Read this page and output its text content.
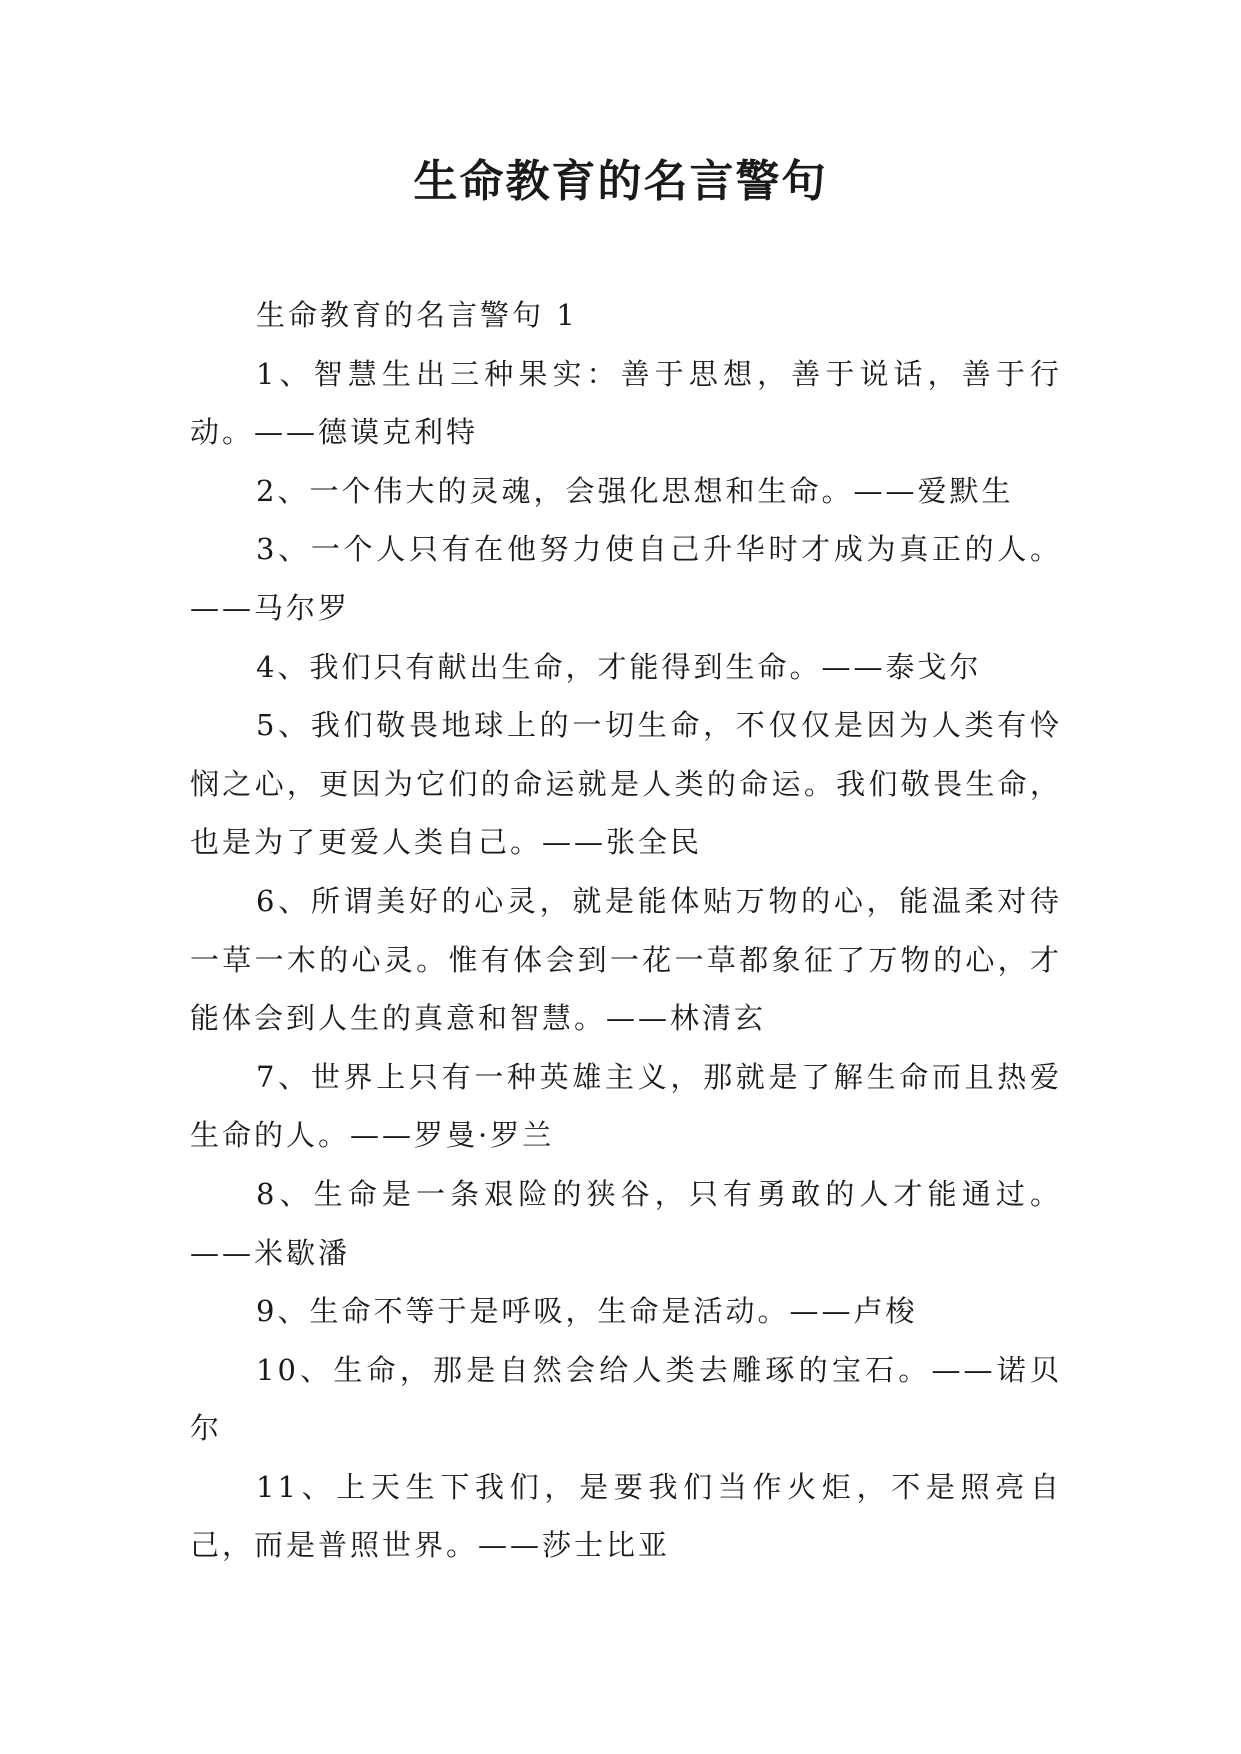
生命教育的名言警句

生命教育的名言警句 1

1、智慧生出三种果实：善于思想，善于说话，善于行动。——德谟克利特

2、一个伟大的灵魂，会强化思想和生命。——爱默生

3、一个人只有在他努力使自己升华时才成为真正的人。——马尔罗

4、我们只有献出生命，才能得到生命。——泰戈尔

5、我们敬畏地球上的一切生命，不仅仅是因为人类有怜悯之心，更因为它们的命运就是人类的命运。我们敬畏生命，也是为了更爱人类自己。——张全民

6、所谓美好的心灵，就是能体贴万物的心，能温柔对待一草一木的心灵。惟有体会到一花一草都象征了万物的心，才能体会到人生的真意和智慧。——林清玄

7、世界上只有一种英雄主义，那就是了解生命而且热爱生命的人。——罗曼·罗兰

8、生命是一条艰险的狭谷，只有勇敢的人才能通过。——米歇潘

9、生命不等于是呼吸，生命是活动。——卢梭

10、生命，那是自然会给人类去雕琢的宝石。——诺贝尔

11、上天生下我们，是要我们当作火炬，不是照亮自己，而是普照世界。——莎士比亚
